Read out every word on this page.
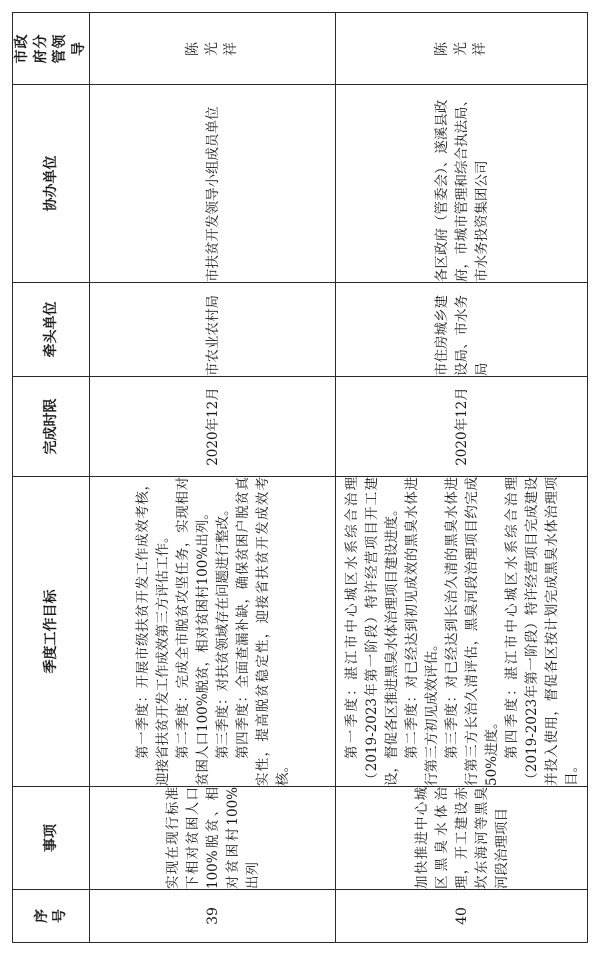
序号	事项	季度工作目标	完成时限	牵头单位	协办单位	市政府分管领导
39	实现在现行标准下相对贫困人口100%脱贫、相对贫困村100%出列	第一季度：开展市级扶贫开发工作成效考核，迎接省扶贫开发工作成效第三方评估工作。 第二季度：完成全市脱贫攻坚任务，实现相对贫困人口100%脱贫，相对贫困村100%出列。 第三季度：对扶贫领域存在问题进行整改。 第四季度：全面查漏补缺，确保贫困户脱贫真实性，提高脱贫稳定性，迎接省扶贫开发成效考核。	2020年12月	市农业农村局	市扶贫开发领导小组成员单位	陈光祥
40	加快推进中心城区黑臭水体治理，开工建设赤坎东海河等黑臭河段治理项目	第一季度：湛江市中心城区水系综合治理（2019-2023年第一阶段）特许经营项目开工建设，督促各区推进黑臭水体治理项目建设进度。 第二季度：对已经达到初见成效的黑臭水体进行第三方初见成效评估。 第三季度：对已经达到长治久清的黑臭水体进行第三方长治久清评估，黑臭河段治理项目约完成50%进度。 第四季度：湛江市中心城区水系综合治理（2019-2023年第一阶段）特许经营项目完成建设并投入使用，督促各区按计划完成黑臭水体治理项目。	2020年12月	市住房城乡建设局、市水务局	各区政府（管委会）、遂溪县政府，市城市管理和综合执法局、市水务投资集团公司	陈光祥
